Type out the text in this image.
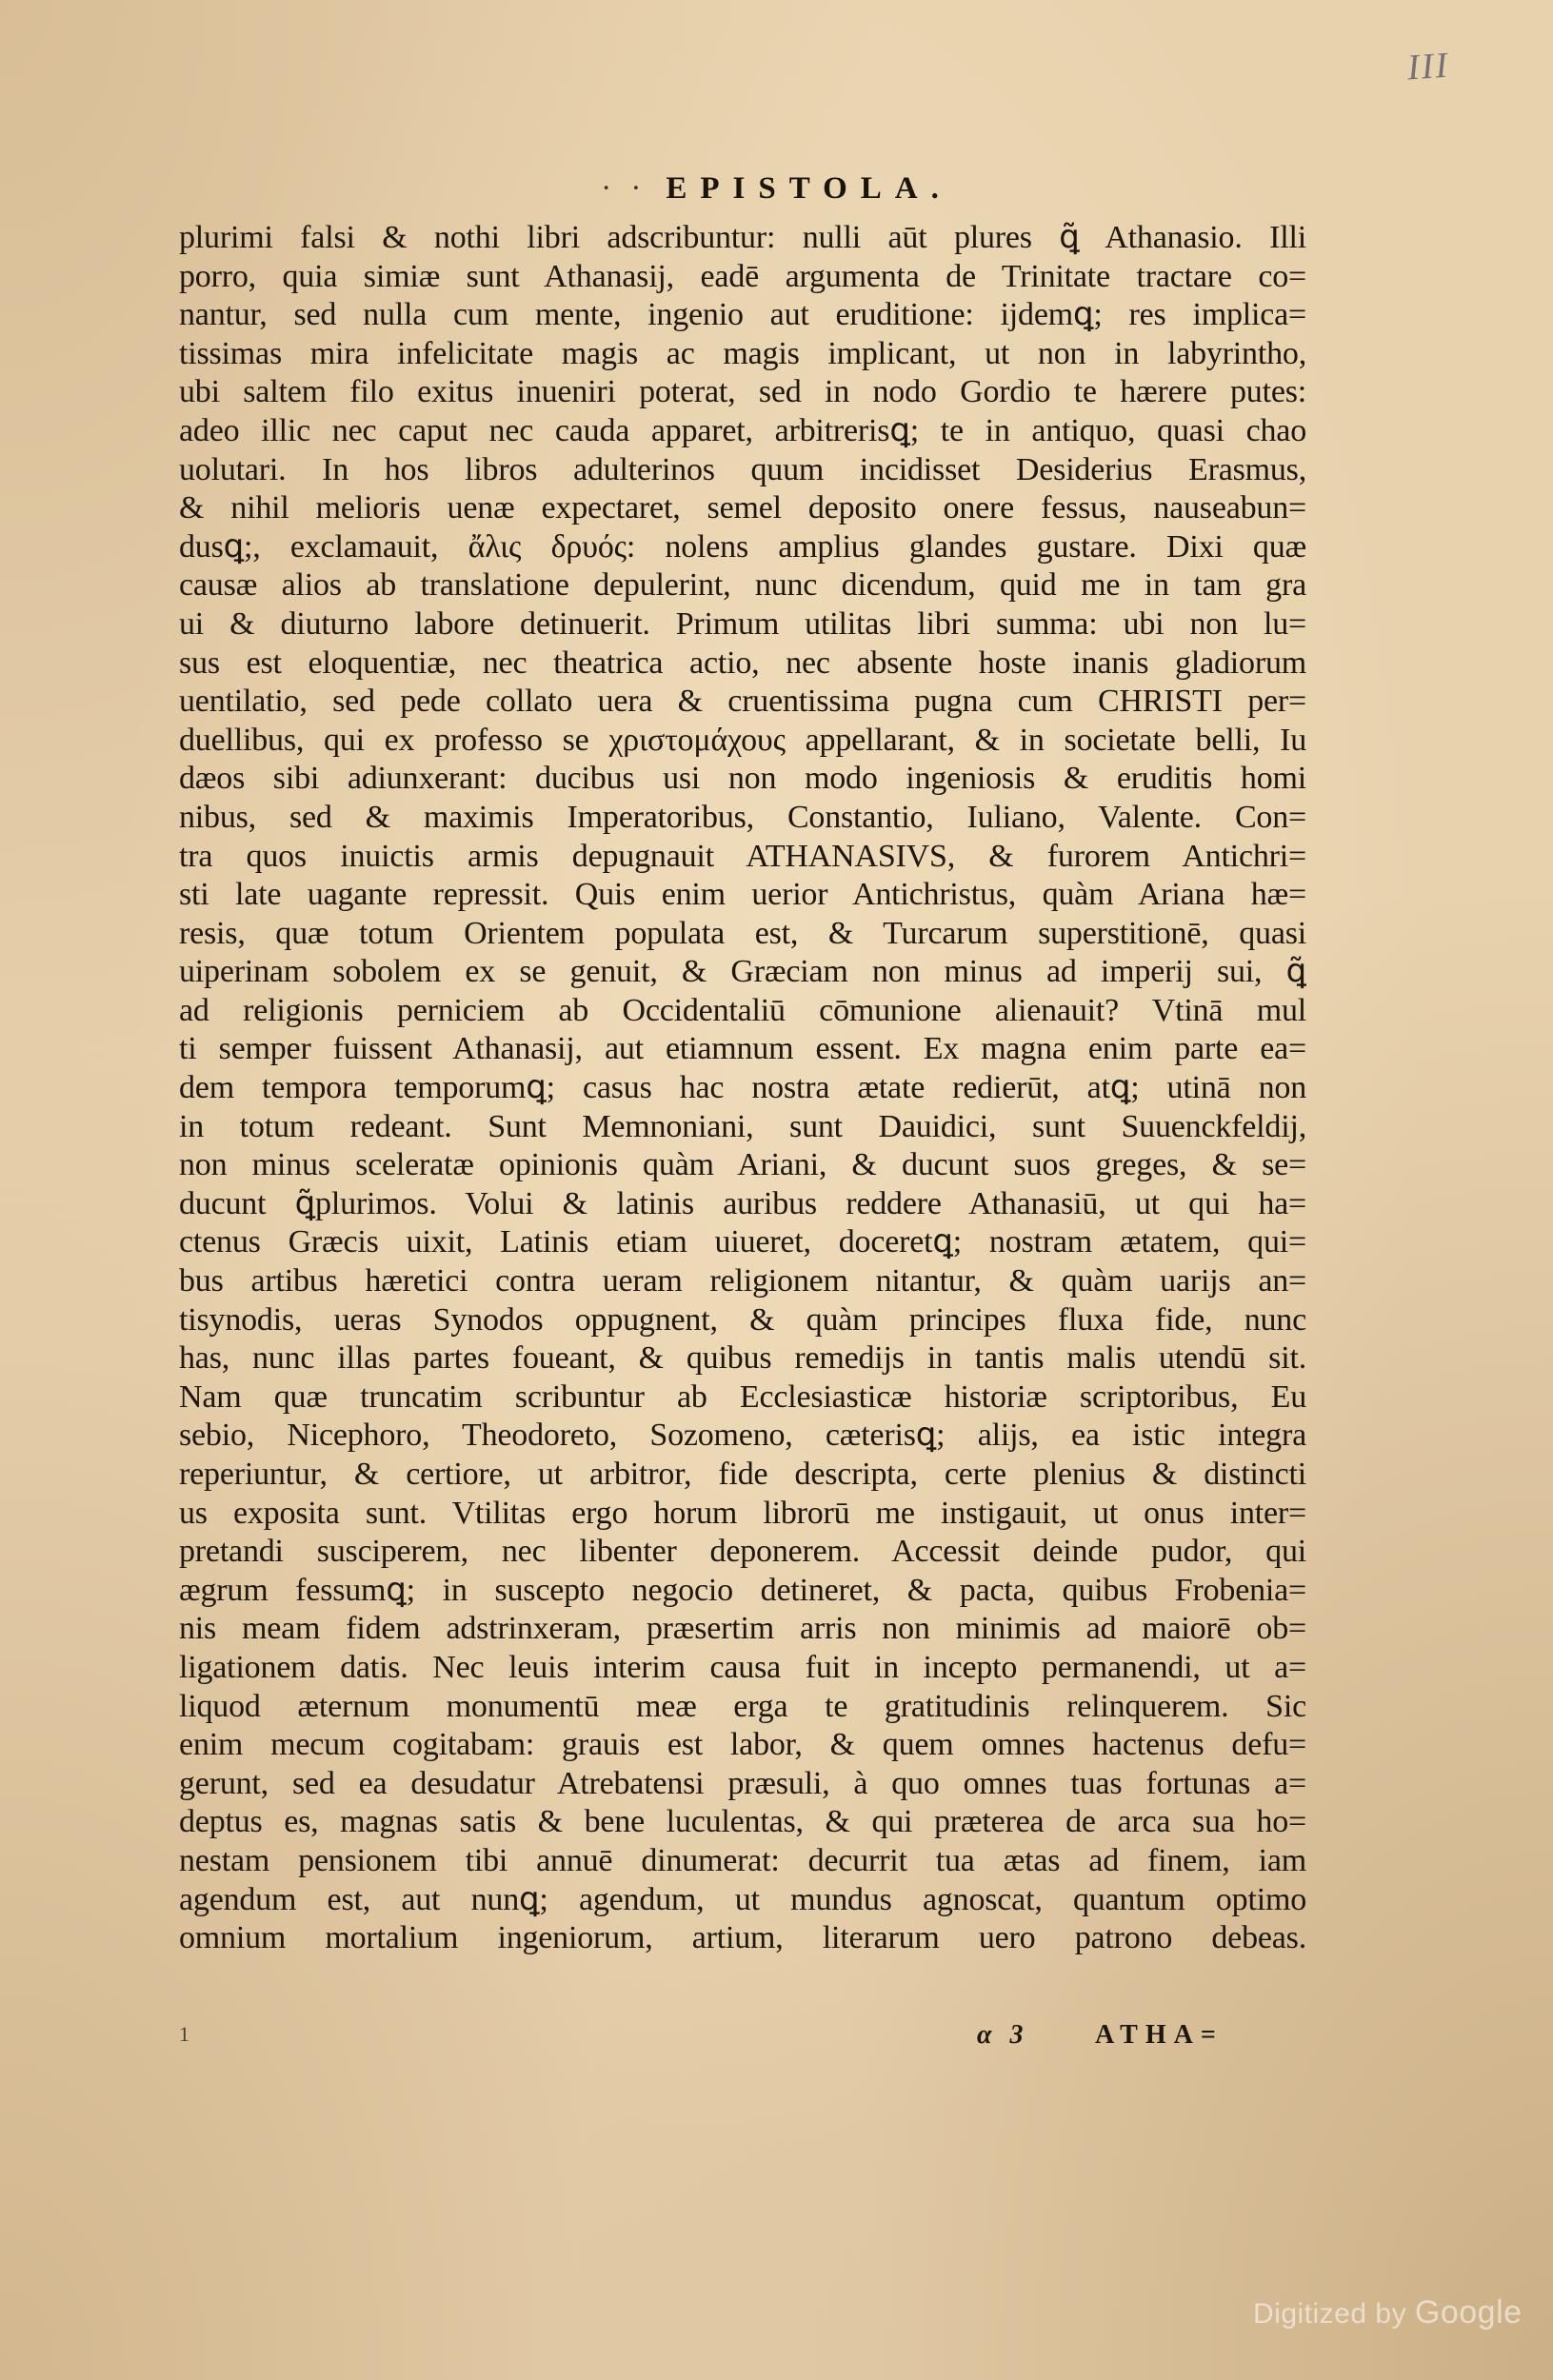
III
· · EPISTOLA.
plurimi falsi & nothi libri adscribuntur: nulli aūt plures ꝗ̃ Athanasio. Illi
porro, quia simiæ sunt Athanasij, eadē argumenta de Trinitate tractare co=
nantur, sed nulla cum mente, ingenio aut eruditione: ijdemꝗ; res implica=
tissimas mira infelicitate magis ac magis implicant, ut non in labyrintho,
ubi saltem filo exitus inueniri poterat, sed in nodo Gordio te hærere putes:
adeo illic nec caput nec cauda apparet, arbitrerisꝗ; te in antiquo, quasi chao
uolutari. In hos libros adulterinos quum incidisset Desiderius Erasmus,
& nihil melioris uenæ expectaret, semel deposito onere fessus, nauseabun=
dusꝗ;, exclamauit, ἄλις δρυός: nolens amplius glandes gustare. Dixi quæ
causæ alios ab translatione depulerint, nunc dicendum, quid me in tam gra
ui & diuturno labore detinuerit. Primum utilitas libri summa: ubi non lu=
sus est eloquentiæ, nec theatrica actio, nec absente hoste inanis gladiorum
uentilatio, sed pede collato uera & cruentissima pugna cum CHRISTI per=
duellibus, qui ex professo se χριστομάχους appellarant, & in societate belli, Iu
dæos sibi adiunxerant: ducibus usi non modo ingeniosis & eruditis homi
nibus, sed & maximis Imperatoribus, Constantio, Iuliano, Valente. Con=
tra quos inuictis armis depugnauit ATHANASIVS, & furorem Antichri=
sti late uagante repressit. Quis enim uerior Antichristus, quàm Ariana hæ=
resis, quæ totum Orientem populata est, & Turcarum superstitionē, quasi
uiperinam sobolem ex se genuit, & Græciam non minus ad imperij sui, ꝗ̃
ad religionis perniciem ab Occidentaliū cōmunione alienauit? Vtinā mul
ti semper fuissent Athanasij, aut etiamnum essent. Ex magna enim parte ea=
dem tempora temporumꝗ; casus hac nostra ætate redierūt, atꝗ; utinā non
in totum redeant. Sunt Memnoniani, sunt Dauidici, sunt Suuenckfeldij,
non minus sceleratæ opinionis quàm Ariani, & ducunt suos greges, & se=
ducunt ꝗ̃plurimos. Volui & latinis auribus reddere Athanasiū, ut qui ha=
ctenus Græcis uixit, Latinis etiam uiueret, doceretꝗ; nostram ætatem, qui=
bus artibus hæretici contra ueram religionem nitantur, & quàm uarijs an=
tisynodis, ueras Synodos oppugnent, & quàm principes fluxa fide, nunc
has, nunc illas partes foueant, & quibus remedijs in tantis malis utendū sit.
Nam quæ truncatim scribuntur ab Ecclesiasticæ historiæ scriptoribus, Eu
sebio, Nicephoro, Theodoreto, Sozomeno, cæterisꝗ; alijs, ea istic integra
reperiuntur, & certiore, ut arbitror, fide descripta, certe plenius & distincti
us exposita sunt. Vtilitas ergo horum librorū me instigauit, ut onus inter=
pretandi susciperem, nec libenter deponerem. Accessit deinde pudor, qui
ægrum fessumꝗ; in suscepto negocio detineret, & pacta, quibus Frobenia=
nis meam fidem adstrinxeram, præsertim arris non minimis ad maiorē ob=
ligationem datis. Nec leuis interim causa fuit in incepto permanendi, ut a=
liquod æternum monumentū meæ erga te gratitudinis relinquerem. Sic
enim mecum cogitabam: grauis est labor, & quem omnes hactenus defu=
gerunt, sed ea desudatur Atrebatensi præsuli, à quo omnes tuas fortunas a=
deptus es, magnas satis & bene luculentas, & qui præterea de arca sua ho=
nestam pensionem tibi annuē dinumerat: decurrit tua ætas ad finem, iam
agendum est, aut nunꝗ; agendum, ut mundus agnoscat, quantum optimo
omnium mortalium ingeniorum, artium, literarum uero patrono debeas.
1	α 3 ATHA=
Digitized by Google
